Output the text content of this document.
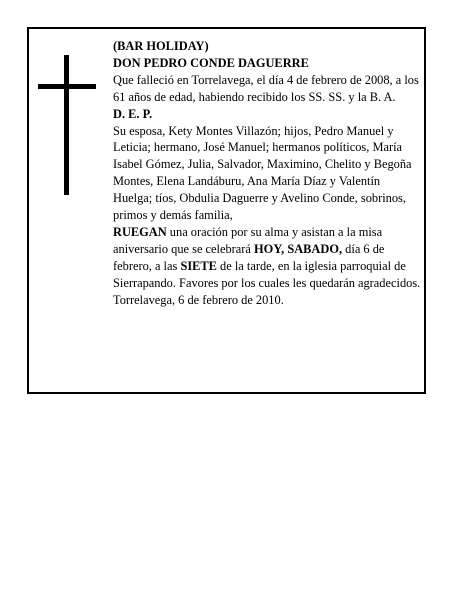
(BAR HOLIDAY)

DON PEDRO CONDE DAGUERRE

Que falleció en Torrelavega, el día 4 de febrero de 2008, a los 61 años de edad, habiendo recibido los SS. SS. y la B. A.

D. E. P.

Su esposa, Kety Montes Villazón; hijos, Pedro Manuel y Leticia; hermano, José Manuel; hermanos políticos, María Isabel Gómez, Julia, Salvador, Maximino, Chelito y Begoña Montes, Elena Landáburu, Ana María Díaz y Valentín Huelga; tíos, Obdulia Daguerre y Avelino Conde, sobrinos, primos y demás familia,

RUEGAN una oración por su alma y asistan a la misa aniversario que se celebrará HOY, SABADO, día 6 de febrero, a las SIETE de la tarde, en la iglesia parroquial de Sierrapando. Favores por los cuales les quedarán agradecidos.

Torrelavega, 6 de febrero de 2010.
